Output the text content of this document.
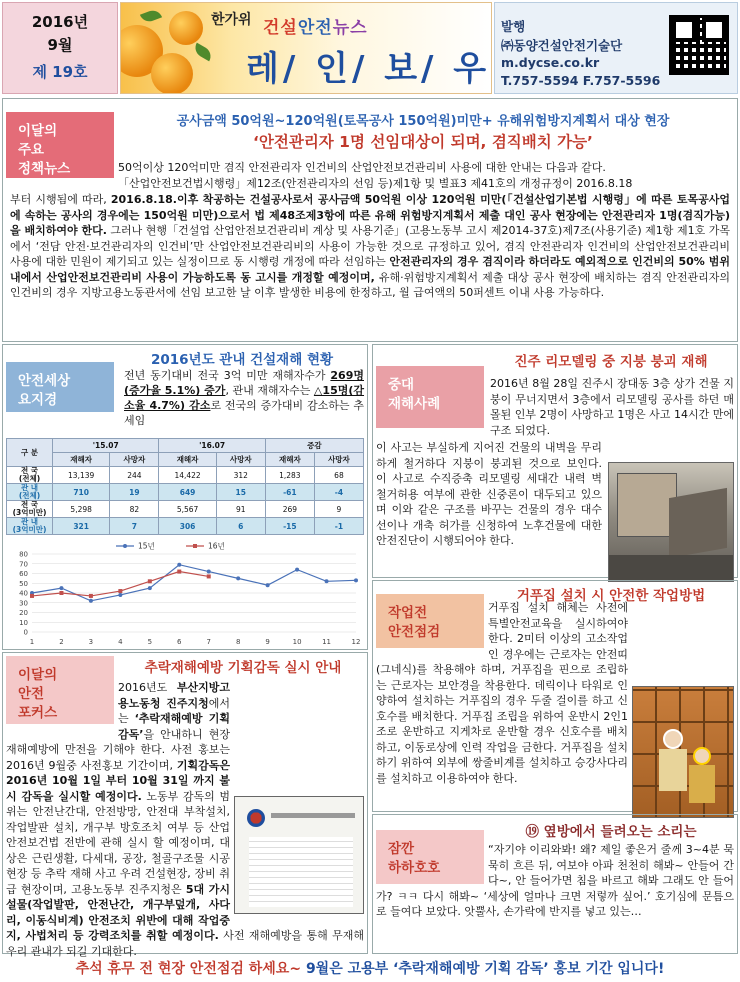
2016년
9월
제 19호
한가위 건설안전뉴스
레/ 인/ 보/ 우
발행
㈜동양건설안전기술단
m.dycse.co.kr
T.757-5594 F.757-5596
이달의
주요
정책뉴스
공사금액 50억원~120억원(토목공사 150억원)미만+ 유해위험방지계획서 대상 현장
‘안전관리자 1명 선임대상이 되며, 겸직배치 가능’

50억이상 120억미만 겸직 안전관리자 인건비의 산업안전보건관리비 사용에 대한 안내는 다음과 같다.

「산업안전보건법시행령」제12조(안전관리자의 선임 등)제1항 및 별표3 제41호의 개정규정이 2016.8.18

부터 시행됨에 따라, 2016.8.18.이후 착공하는 건설공사로서 공사금액 50억원 이상 120억원 미만(「건설산업기본법 시행령」에 따른 토목공사업에 속하는 공사의 경우에는 150억원 미만)으로서 법 제48조제3항에 따른 유해 위험방지계획서 제출 대인 공사 현장에는 안전관리자 1명(겸직가능)을 배치하여야 한다. 그러나 현행「건설업 산업안전보건관리비 계상 및 사용기준」(고용노동부 고시 제2014-37호)제7조(사용기준) 제1항 제1호 가목에서 ‘전담 안전·보건관리자의 인건비’만 산업안전보건관리비의 사용이 가능한 것으로 규정하고 있어, 겸직 안전관리자 인건비의 산업안전보건관리비 사용에 대한 민원이 제기되고 있는 실정이므로 동 시행령 개정에 따라 선임하는 안전관리자의 경우 겸직이라 하더라도 예외적으로 인건비의 50% 범위 내에서 산업안전보건관리비 사용이 가능하도록 동 고시를 개정할 예정이며, 유해·위험방지계획서 제출 대상 공사 현장에 배치하는 겸직 안전관리자의 인건비의 경우 지방고용노동관서에 선임 보고한 날 이후 발생한 비용에 한정하고, 월 급여액의 50퍼센트 이내 사용 가능하다.

안전세상
요지경
2016년도 관내 건설재해 현황

전년 동기대비 전국 3억 미만 재해자수가 269명(증가율 5.1%) 증가, 관내 재해자수는 △15명(감소율 4.7%) 감소로 전국의 증가대비 감소하는 추세임

구 분	'15.07		'16.07		증감	
	재해자	사망자	재해자	사망자	재해자	사망자
전 국
(전체)	13,139	244	14,422	312	1,283	68
관 내
(전체)	710	19	649	15	-61	-4
전 국
(3억미만)	5,298	82	5,567	91	269	9
관 내
(3억미만)	321	7	306	6	-15	-1
0
10
20
30
40
50
60
70
80
1	2	3	4	5	6	7	8	9	10	11	12
15년	16년
중대
재해사례
진주 리모델링 중 지붕 붕괴 재해

2016년 8월 28일 진주시 장대동 3층 상가 건물 지붕이 무너지면서 3층에서 리모델링 공사를 하던 매몰된 인부 2명이 사망하고 1명은 사고 14시간 만에 구조 되었다.

이 사고는 부실하게 지어진 건물의 내벽을 무리하게 철거하다 지붕이 붕괴된 것으로 보인다. 이 사고로 수직증축 리모델링 세대간 내력 벽 철거허용 여부에 관한 신중론이 대두되고 있으며 이와 같은 구조를 바꾸는 건물의 경우 대수선이나 개축 허가를 신청하여 노후건물에 대한 안전진단이 시행되어야 한다.

작업전
안전점검
거푸집 설치 시 안전한 작업방법

거푸집 설치 해체는 사전에 특별안전교육을 실시하여야 한다. 2미터 이상의 고소작업인 경우에는 근로자는 안전띠(그네식)를 착용해야 하며, 거푸집을 핀으로 조립하는 근로자는 보안경을 착용한다. 데릭이나 타워로 인양하여 설치하는 거푸집의 경우 두줄 걸이를 하고 신호수를 배치한다. 거푸집 조립을 위하여 운반시 2인1조로 운반하고 지게차로 운반할 경우 신호수를 배치하고, 이동로상에 인력 작업을 금한다. 거푸집을 설치하기 위하여 외부에 쌍줄비계를 설치하고 승강사다리를 설치하고 이용하여야 한다.

이달의
안전
포커스
추락재해예방 기획감독 실시 안내

2016년도 부산지방고용노동청 진주지청에서는 ‘추락재해예방 기획감독’을 안내하니 현장 재해예방에 만전을 기해야 한다. 사전 홍보는 2016년 9월중 사전홍보 기간이며, 기획감독은 2016년 10월 1일 부터 10월 31일 까지 불시 감독을 실시할 예정이다. 노동부 감독의 범위는 안전난간대, 안전방망, 안전대 부착설치, 작업발판 설치, 개구부 방호조치 여부 등 산업안전보건법 전반에 관해 실시 할 예정이며, 대상은 근린생활, 다세대, 공장, 철골구조물 시공현장 등 추락 재해 사고 우려 건설현장, 장비 취급 현장이며, 고용노동부 진주지청은 5대 가시설물(작업발판, 안전난간, 개구부덮개, 사다리, 이동식비계) 안전조치 위반에 대해 작업중지, 사법처리 등 강력조치를 취할 예정이다. 사전 재해예방을 통해 무재해 우리 관내가 되길 기대한다.

잠깐
하하호호
⑲ 옆방에서 들려오는 소리는

“자기야 이리와봐! 왜? 제일 좋은거 줄께 3~4분 묵묵히 흐른 뒤, 여보야 아파 천천히 해봐~ 안들어 간다~, 안 들어가면 침을 바르고 해봐 그래도 안 들어가? ㅋㅋ 다시 해봐~ ‘세상에 얼마나 크면 저렇까 싶어.’ 호기심에 문틈으로 들여다 보았다. 앗뿔사, 손가락에 반지를 넣고 있는…

추석 휴무 전 현장 안전점검 하세요~ 9월은 고용부 ‘추락재해예방 기획 감독’ 홍보 기간 입니다!
